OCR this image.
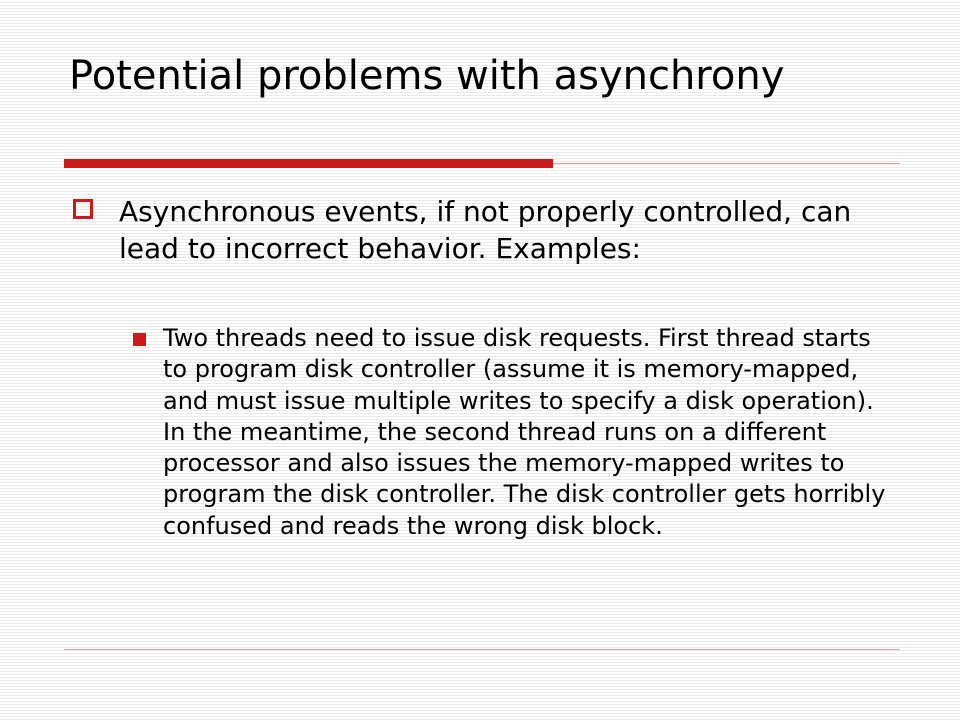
Potential problems with asynchrony

Asynchronous events, if not properly controlled, can lead to incorrect behavior. Examples:

Two threads need to issue disk requests. First thread starts to program disk controller (assume it is memory-mapped, and must issue multiple writes to specify a disk operation). In the meantime, the second thread runs on a different processor and also issues the memory-mapped writes to program the disk controller. The disk controller gets horribly confused and reads the wrong disk block.
